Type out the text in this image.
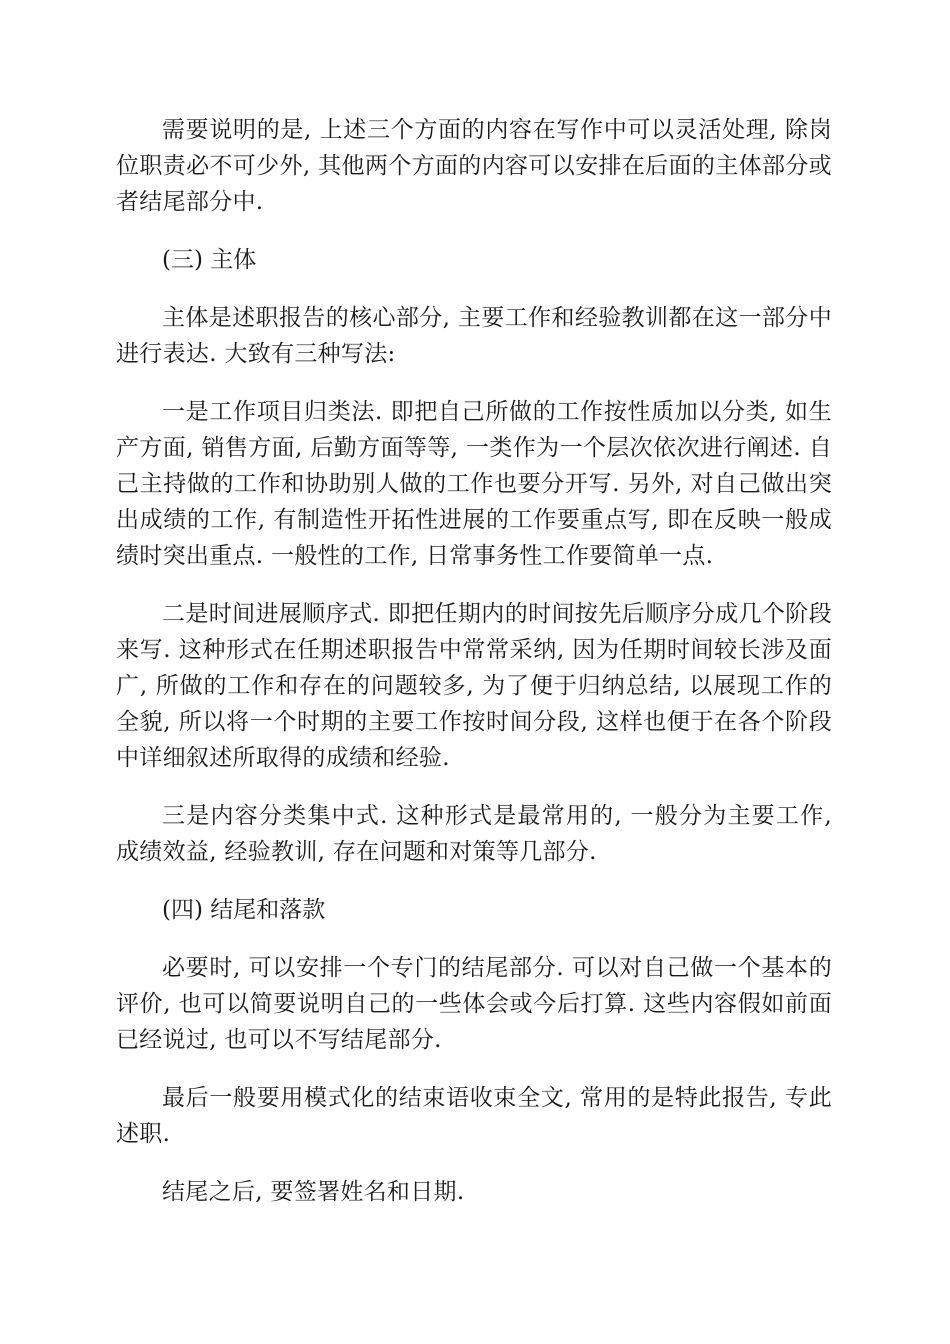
需要说明的是, 上述三个方面的内容在写作中可以灵活处理, 除岗位职责必不可少外, 其他两个方面的内容可以安排在后面的主体部分或者结尾部分中.

(三) 主体

主体是述职报告的核心部分, 主要工作和经验教训都在这一部分中进行表达. 大致有三种写法:

一是工作项目归类法. 即把自己所做的工作按性质加以分类, 如生产方面, 销售方面, 后勤方面等等, 一类作为一个层次依次进行阐述. 自己主持做的工作和协助别人做的工作也要分开写. 另外, 对自己做出突出成绩的工作, 有制造性开拓性进展的工作要重点写, 即在反映一般成绩时突出重点. 一般性的工作, 日常事务性工作要简单一点.

二是时间进展顺序式. 即把任期内的时间按先后顺序分成几个阶段来写. 这种形式在任期述职报告中常常采纳, 因为任期时间较长涉及面广, 所做的工作和存在的问题较多, 为了便于归纳总结, 以展现工作的全貌, 所以将一个时期的主要工作按时间分段, 这样也便于在各个阶段中详细叙述所取得的成绩和经验.

三是内容分类集中式. 这种形式是最常用的, 一般分为主要工作, 成绩效益, 经验教训, 存在问题和对策等几部分.

(四) 结尾和落款

必要时, 可以安排一个专门的结尾部分. 可以对自己做一个基本的评价, 也可以简要说明自己的一些体会或今后打算. 这些内容假如前面已经说过, 也可以不写结尾部分.

最后一般要用模式化的结束语收束全文, 常用的是特此报告, 专此述职.

结尾之后, 要签署姓名和日期.
